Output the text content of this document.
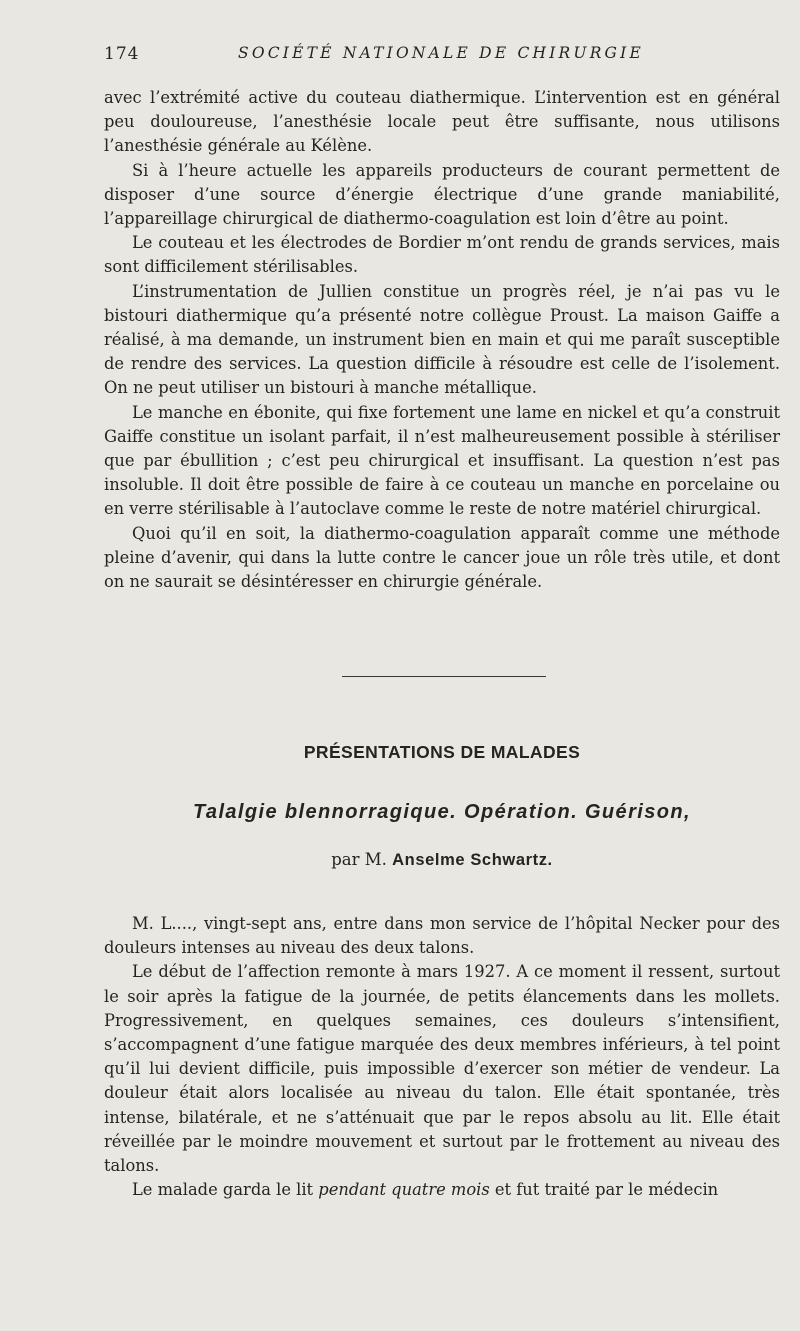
174	SOCIÉTÉ NATIONALE DE CHIRURGIE

avec l’extrémité active du couteau diathermique. L’intervention est en général peu douloureuse, l’anesthésie locale peut être suffisante, nous utilisons l’anesthésie générale au Kélène.

Si à l’heure actuelle les appareils producteurs de courant permettent de disposer d’une source d’énergie électrique d’une grande maniabilité, l’appareillage chirurgical de diathermo-coagulation est loin d’être au point.

Le couteau et les électrodes de Bordier m’ont rendu de grands services, mais sont difficilement stérilisables.

L’instrumentation de Jullien constitue un progrès réel, je n’ai pas vu le bistouri diathermique qu’a présenté notre collègue Proust. La maison Gaiffe a réalisé, à ma demande, un instrument bien en main et qui me paraît susceptible de rendre des services. La question difficile à résoudre est celle de l’isolement. On ne peut utiliser un bistouri à manche métallique.

Le manche en ébonite, qui fixe fortement une lame en nickel et qu’a construit Gaiffe constitue un isolant parfait, il n’est malheureusement possible à stériliser que par ébullition ; c’est peu chirurgical et insuffisant. La question n’est pas insoluble. Il doit être possible de faire à ce couteau un manche en porcelaine ou en verre stérilisable à l’autoclave comme le reste de notre matériel chirurgical.

Quoi qu’il en soit, la diathermo-coagulation apparaît comme une méthode pleine d’avenir, qui dans la lutte contre le cancer joue un rôle très utile, et dont on ne saurait se désintéresser en chirurgie générale.

PRÉSENTATIONS DE MALADES
Talalgie blennorragique. Opération. Guérison,
par M. Anselme Schwartz.

M. L...., vingt-sept ans, entre dans mon service de l’hôpital Necker pour des douleurs intenses au niveau des deux talons.

Le début de l’affection remonte à mars 1927. A ce moment il ressent, surtout le soir après la fatigue de la journée, de petits élancements dans les mollets. Progressivement, en quelques semaines, ces douleurs s’intensifient, s’accompagnent d’une fatigue marquée des deux membres inférieurs, à tel point qu’il lui devient difficile, puis impossible d’exercer son métier de vendeur. La douleur était alors localisée au niveau du talon. Elle était spontanée, très intense, bilatérale, et ne s’atténuait que par le repos absolu au lit. Elle était réveillée par le moindre mouvement et surtout par le frottement au niveau des talons.

Le malade garda le lit pendant quatre mois et fut traité par le médecin
